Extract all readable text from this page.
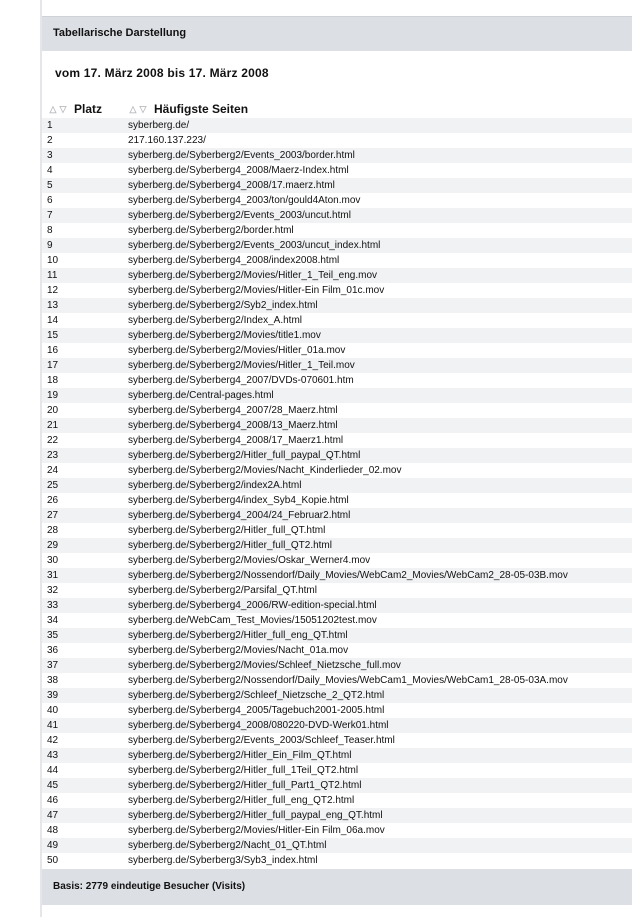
Tabellarische Darstellung
vom 17. März 2008 bis 17. März 2008
△ ▽ Platz	△ ▽ Häufigste Seiten
1	syberberg.de/
2	217.160.137.223/
3	syberberg.de/Syberberg2/Events_2003/border.html
4	syberberg.de/Syberberg4_2008/Maerz-Index.html
5	syberberg.de/Syberberg4_2008/17.maerz.html
6	syberberg.de/Syberberg4_2003/ton/gould4Aton.mov
7	syberberg.de/Syberberg2/Events_2003/uncut.html
8	syberberg.de/Syberberg2/border.html
9	syberberg.de/Syberberg2/Events_2003/uncut_index.html
10	syberberg.de/Syberberg4_2008/index2008.html
11	syberberg.de/Syberberg2/Movies/Hitler_1_Teil_eng.mov
12	syberberg.de/Syberberg2/Movies/Hitler-Ein Film_01c.mov
13	syberberg.de/Syberberg2/Syb2_index.html
14	syberberg.de/Syberberg2/Index_A.html
15	syberberg.de/Syberberg2/Movies/title1.mov
16	syberberg.de/Syberberg2/Movies/Hitler_01a.mov
17	syberberg.de/Syberberg2/Movies/Hitler_1_Teil.mov
18	syberberg.de/Syberberg4_2007/DVDs-070601.htm
19	syberberg.de/Central-pages.html
20	syberberg.de/Syberberg4_2007/28_Maerz.html
21	syberberg.de/Syberberg4_2008/13_Maerz.html
22	syberberg.de/Syberberg4_2008/17_Maerz1.html
23	syberberg.de/Syberberg2/Hitler_full_paypal_QT.html
24	syberberg.de/Syberberg2/Movies/Nacht_Kinderlieder_02.mov
25	syberberg.de/Syberberg2/index2A.html
26	syberberg.de/Syberberg4/index_Syb4_Kopie.html
27	syberberg.de/Syberberg4_2004/24_Februar2.html
28	syberberg.de/Syberberg2/Hitler_full_QT.html
29	syberberg.de/Syberberg2/Hitler_full_QT2.html
30	syberberg.de/Syberberg2/Movies/Oskar_Werner4.mov
31	syberberg.de/Syberberg2/Nossendorf/Daily_Movies/WebCam2_Movies/WebCam2_28-05-03B.mov
32	syberberg.de/Syberberg2/Parsifal_QT.html
33	syberberg.de/Syberberg4_2006/RW-edition-special.html
34	syberberg.de/WebCam_Test_Movies/15051202test.mov
35	syberberg.de/Syberberg2/Hitler_full_eng_QT.html
36	syberberg.de/Syberberg2/Movies/Nacht_01a.mov
37	syberberg.de/Syberberg2/Movies/Schleef_Nietzsche_full.mov
38	syberberg.de/Syberberg2/Nossendorf/Daily_Movies/WebCam1_Movies/WebCam1_28-05-03A.mov
39	syberberg.de/Syberberg2/Schleef_Nietzsche_2_QT2.html
40	syberberg.de/Syberberg4_2005/Tagebuch2001-2005.html
41	syberberg.de/Syberberg4_2008/080220-DVD-Werk01.html
42	syberberg.de/Syberberg2/Events_2003/Schleef_Teaser.html
43	syberberg.de/Syberberg2/Hitler_Ein_Film_QT.html
44	syberberg.de/Syberberg2/Hitler_full_1Teil_QT2.html
45	syberberg.de/Syberberg2/Hitler_full_Part1_QT2.html
46	syberberg.de/Syberberg2/Hitler_full_eng_QT2.html
47	syberberg.de/Syberberg2/Hitler_full_paypal_eng_QT.html
48	syberberg.de/Syberberg2/Movies/Hitler-Ein Film_06a.mov
49	syberberg.de/Syberberg2/Nacht_01_QT.html
50	syberberg.de/Syberberg3/Syb3_index.html
Basis: 2779 eindeutige Besucher (Visits)
